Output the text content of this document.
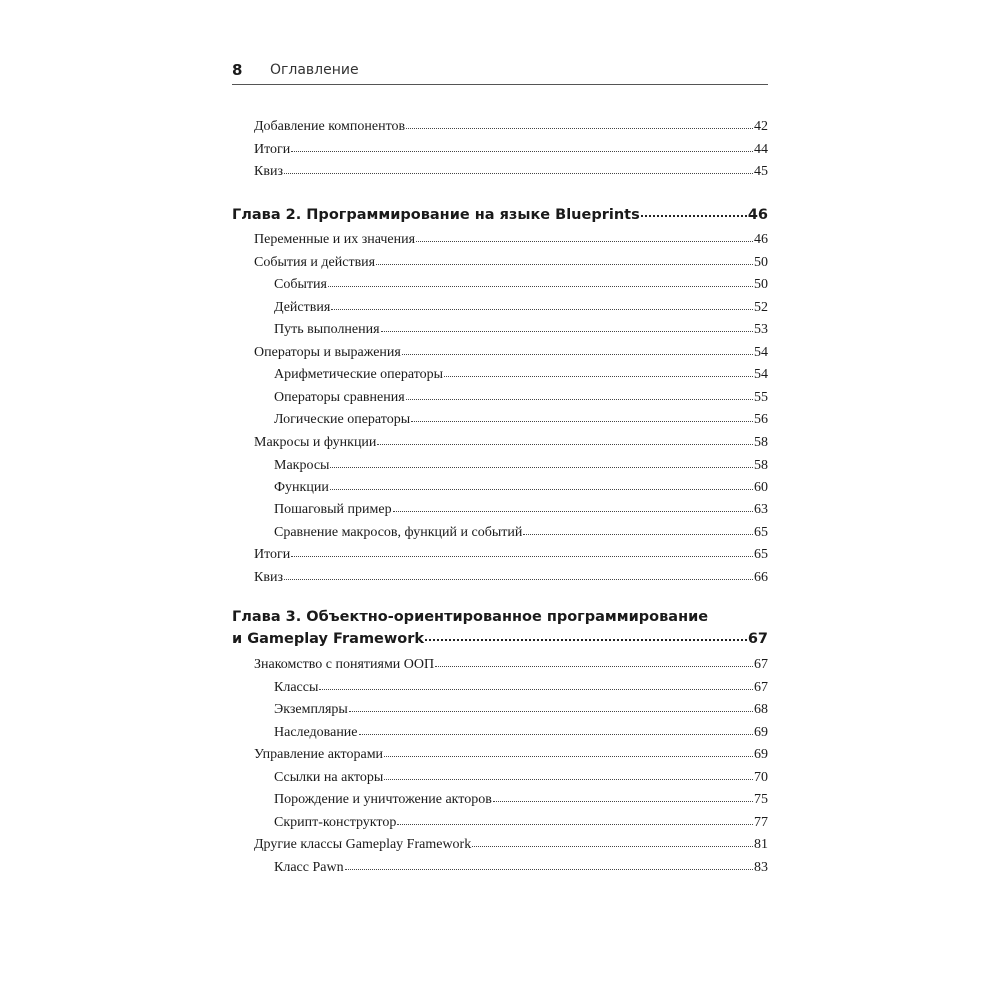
8	Оглавление
Добавление компонентов	42
Итоги	44
Квиз	45
Глава 2. Программирование на языке Blueprints	46
Переменные и их значения	46
События и действия	50
События	50
Действия	52
Путь выполнения	53
Операторы и выражения	54
Арифметические операторы	54
Операторы сравнения	55
Логические операторы	56
Макросы и функции	58
Макросы	58
Функции	60
Пошаговый пример	63
Сравнение макросов, функций и событий	65
Итоги	65
Квиз	66
Глава 3. Объектно-ориентированное программирование
и Gameplay Framework	67
Знакомство с понятиями ООП	67
Классы	67
Экземпляры	68
Наследование	69
Управление акторами	69
Ссылки на акторы	70
Порождение и уничтожение акторов	75
Скрипт-конструктор	77
Другие классы Gameplay Framework	81
Класс Pawn	83
